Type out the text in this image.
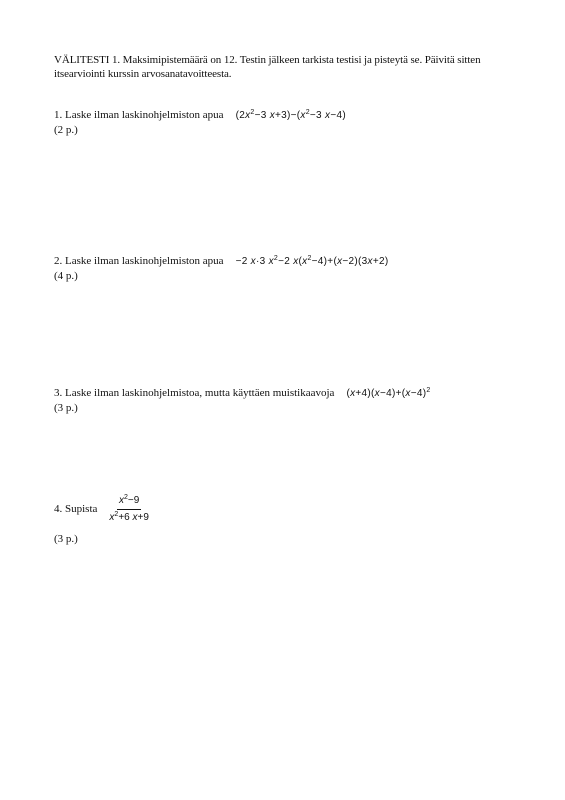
VÄLITESTI 1. Maksimipistemäärä on 12. Testin jälkeen tarkista testisi ja pisteytä se. Päivitä sitten itsearviointi kurssin arvosanatavoitteesta.
1. Laske ilman laskinohjelmiston apua ($2x^2-3$ $x+3)-(x^2-3$ x−4)
(2 p.)
2. Laske ilman laskinohjelmiston apua −2 x·3 $x^2-2$ $x(x^2-4)+(x-2)(3x+2)$
(4 p.)
3. Laske ilman laskinohjelmistoa, mutta käyttäen muistikaavoja $(x+4)(x-4)+(x-4)^2$
(3 p.)
4. Supista $\frac{x^2-9}{x^2+6 x+9}$
(3 p.)
